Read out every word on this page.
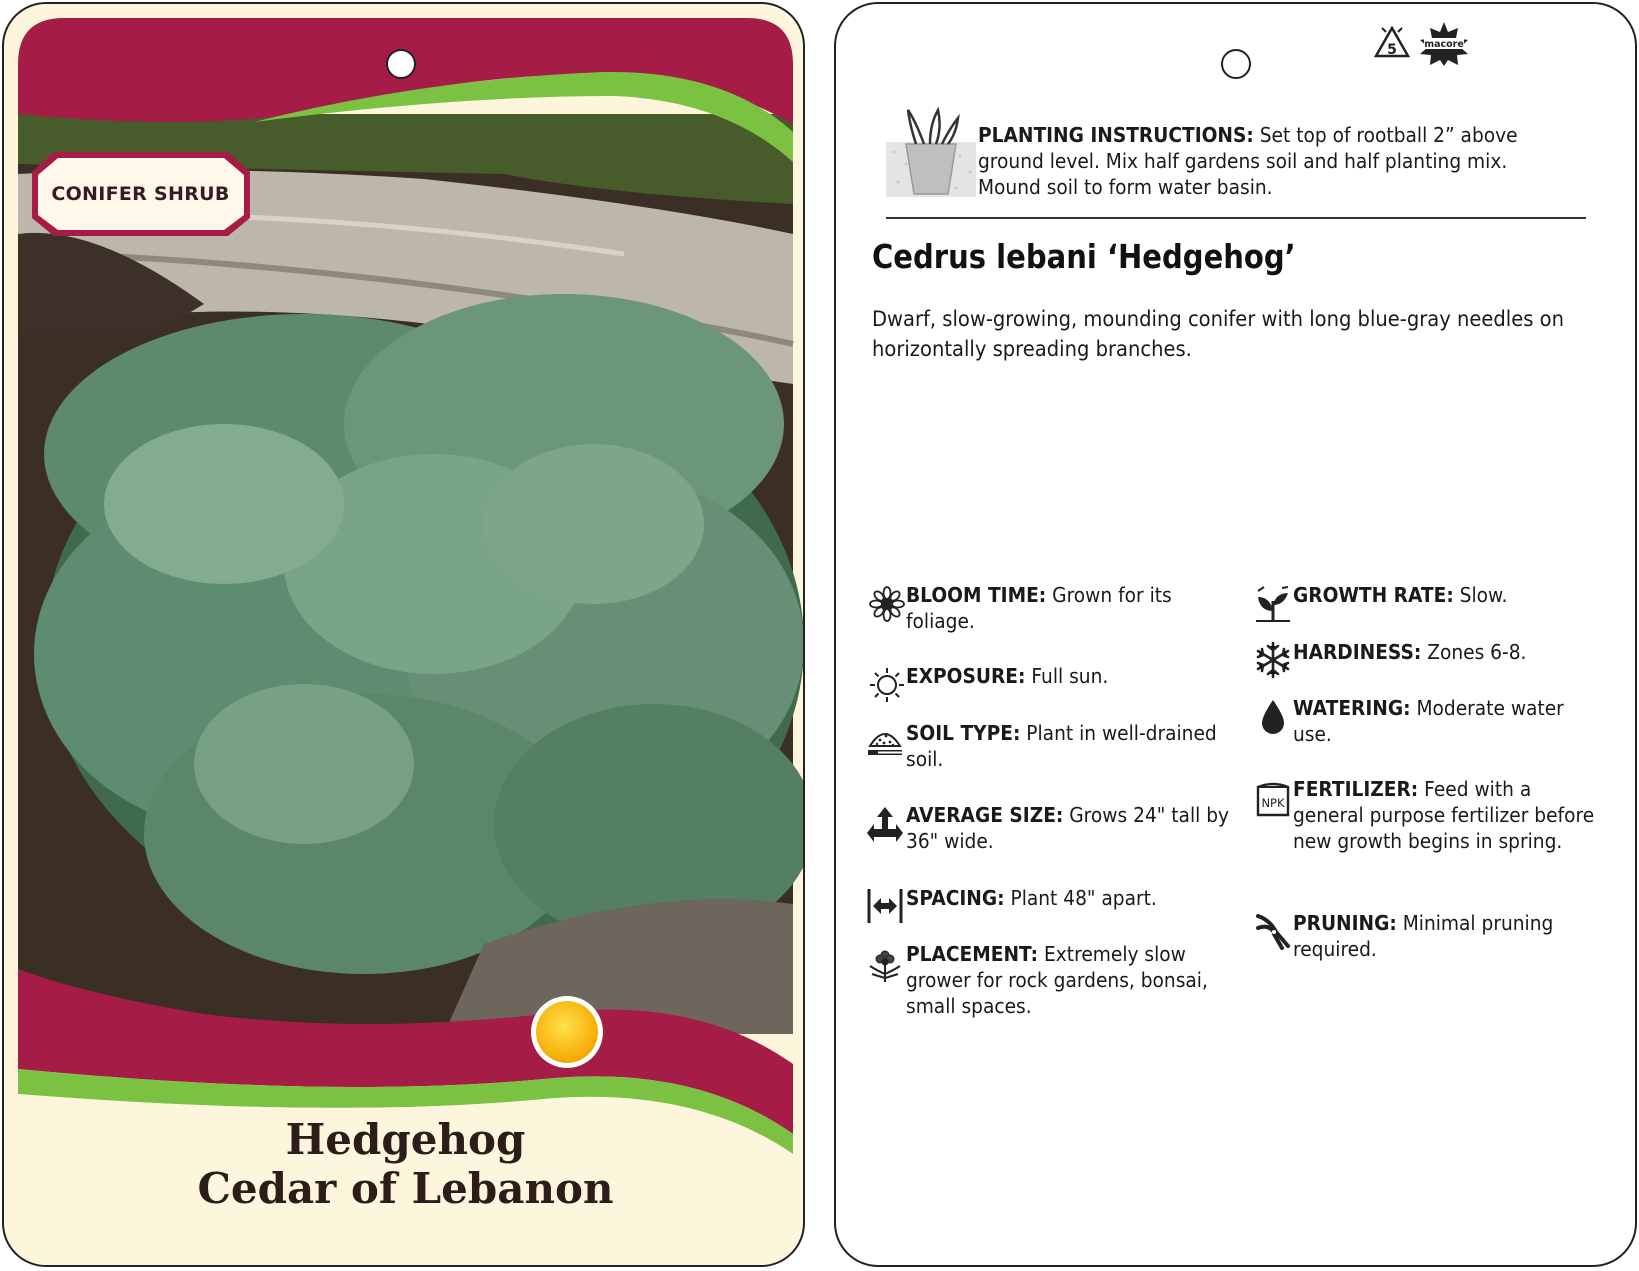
CONIFER SHRUB
Hedgehog
Cedar of Lebanon
5	macore
PLANTING INSTRUCTIONS: Set top of rootball 2” above ground level. Mix half gardens soil and half planting mix. Mound soil to form water basin.
Cedrus lebani ‘Hedgehog’
Dwarf, slow-growing, mounding conifer with long blue-gray needles on horizontally spreading branches.
BLOOM TIME: Grown for its foliage.
EXPOSURE: Full sun.
SOIL TYPE: Plant in well-drained soil.
AVERAGE SIZE: Grows 24" tall by 36" wide.
SPACING: Plant 48" apart.
PLACEMENT: Extremely slow grower for rock gardens, bonsai, small spaces.
GROWTH RATE: Slow.
HARDINESS: Zones 6-8.
WATERING: Moderate water use.
NPK
FERTILIZER: Feed with a general purpose fertilizer before new growth begins in spring.
PRUNING: Minimal pruning required.
